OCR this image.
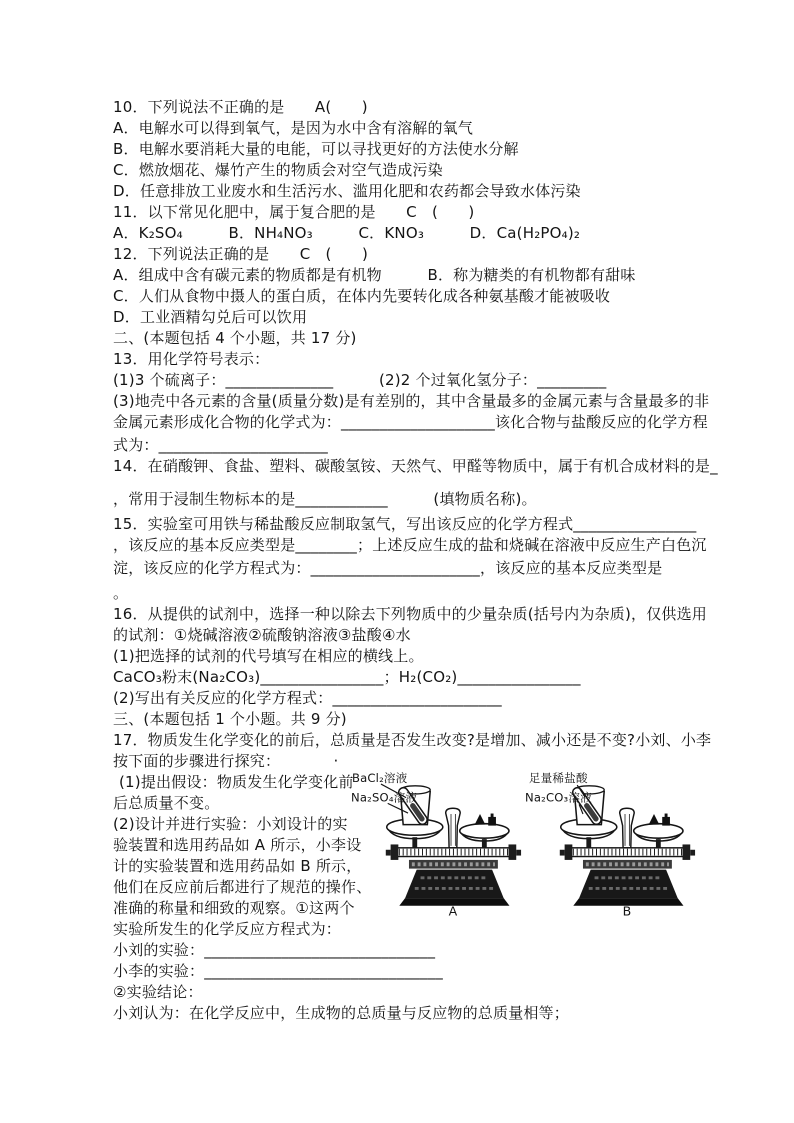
10．下列说法不正确的是　　A(　　)
A．电解水可以得到氧气，是因为水中含有溶解的氧气
B．电解水要消耗大量的电能，可以寻找更好的方法使水分解
C．燃放烟花、爆竹产生的物质会对空气造成污染
D．任意排放工业废水和生活污水、滥用化肥和农药都会导致水体污染
11．以下常见化肥中，属于复合肥的是　　C　(　　)
A．K₂SO₄　　　B．NH₄NO₃　　　C．KNO₃　　　D．Ca(H₂PO₄)₂
12．下列说法正确的是　　C　(　　)
A．组成中含有碳元素的物质都是有机物　　　B．称为糖类的有机物都有甜味
C．人们从食物中摄人的蛋白质，在体内先要转化成各种氨基酸才能被吸收
D．工业酒精勾兑后可以饮用
二、(本题包括 4 个小题，共 17 分)
13．用化学符号表示：
(1)3 个硫离子：______________　　　(2)2 个过氧化氢分子：_________
(3)地壳中各元素的含量(质量分数)是有差别的，其中含量最多的金属元素与含量最多的非
金属元素形成化合物的化学式为：____________________该化合物与盐酸反应的化学方程
式为：______________________
14．在硝酸钾、食盐、塑料、碳酸氢铵、天然气、甲醛等物质中，属于有机合成材料的是_
，常用于浸制生物标本的是____________　　　(填物质名称)。
15．实验室可用铁与稀盐酸反应制取氢气，写出该反应的化学方程式________________
，该反应的基本反应类型是________；上述反应生成的盐和烧碱在溶液中反应生产白色沉
淀，该反应的化学方程式为：______________________，该反应的基本反应类型是
。
16．从提供的试剂中，选择一种以除去下列物质中的少量杂质(括号内为杂质)，仅供选用
的试剂：①烧碱溶液②硫酸钠溶液③盐酸④水
(1)把选择的试剂的代号填写在相应的横线上。
CaCO₃粉末(Na₂CO₃)________________；H₂(CO₂)________________
(2)写出有关反应的化学方程式：______________________
三、(本题包括 1 个小题。共 9 分)
17．物质发生化学变化的前后，总质量是否发生改变?是增加、减小还是不变?小刘、小李
按下面的步骤进行探究：　　　　·
(1)提出假设：物质发生化学变化前
后总质量不变。
(2)设计并进行实验：小刘设计的实
验装置和选用药品如 A 所示，小李设
计的实验装置和选用药品如 B 所示，
他们在反应前后都进行了规范的操作、
准确的称量和细致的观察。①这两个
实验所发生的化学反应方程式为：
BaCl₂溶液
Na₂SO₄溶液
A
足量稀盐酸
Na₂CO₃溶液
B
小刘的实验：______________________________
小李的实验：_______________________________
②实验结论：
小刘认为：在化学反应中，生成物的总质量与反应物的总质量相等；
